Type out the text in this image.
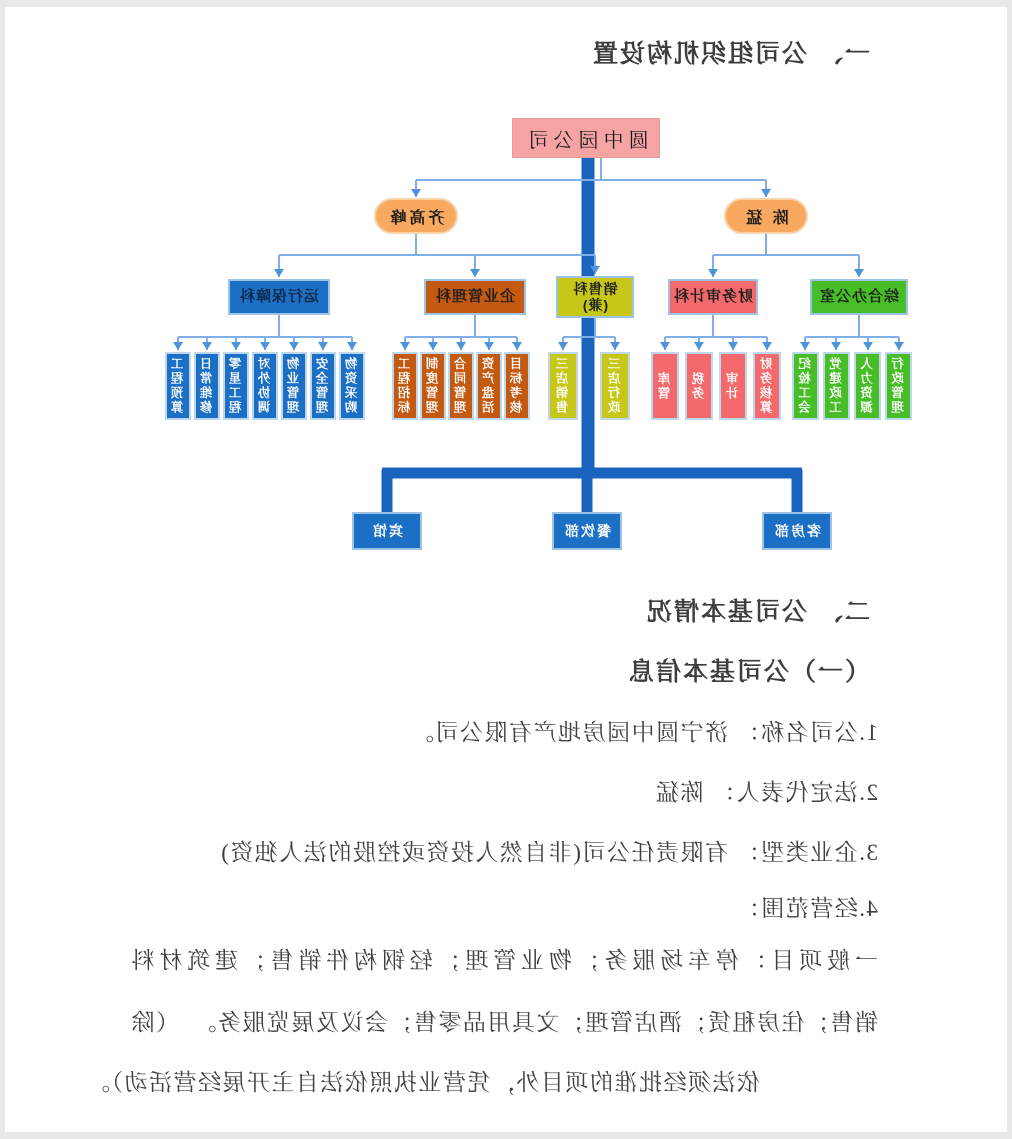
一、 公司组织机构设置
圆中园公司
陈 猛
齐高峰
综合办公室
财务审计科
销售科
(兼)
企业管理科
运行保障科
行政管理
人力资源
党建政工
纪检工会
财务核算
审计
税务
库管
三店行政
三店销售
目标考核
资产盘活
合同管理
制度管理
工程招标
物资采购
安全管理
物业管理
对外协调
零星工程
日常维修
工程预算
客房部
餐饮部
宾馆
二、 公司基本情况
（一）公司基本信息
1.公司名称： 济宁圆中园房地产有限公司。
2.法定代表人： 陈猛
3.企业类型： 有限责任公司(非自然人投资或控股的法人独资)
4.经营范围：
一般项目：停车场服务；物业管理；轻钢构件销售；建筑材料
销售；住房租赁；酒店管理；文具用品零售；会议及展览服务。
（除
依法须经批准的项目外，凭营业执照依法自主开展经营活动）。
